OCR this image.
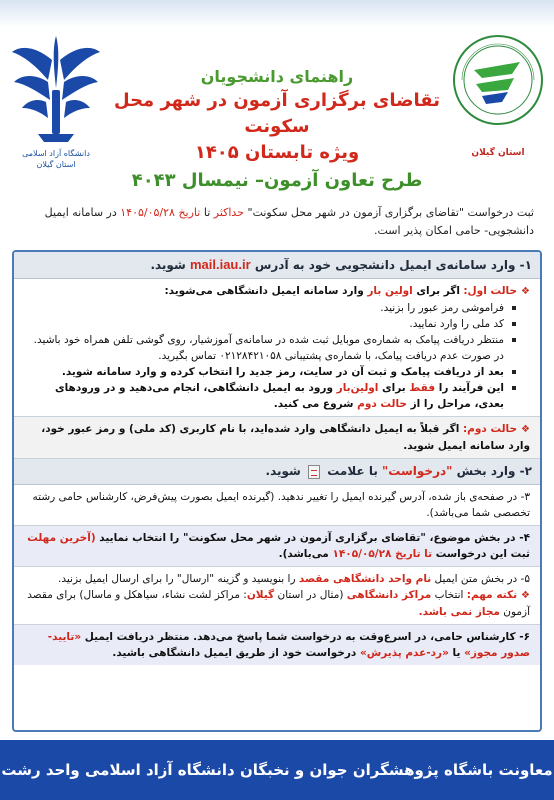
دانشگاه آزاد اسلامی
استان گیلان
استان گیلان
راهنمای دانشجویان
تقاضای برگزاری آزمون در شهر محل سکونت
ویژه تابستان ۱۴۰۵
طرح تعاون آزمون– نیمسال ۴۰۴۳
ثبت درخواست "تقاضای برگزاری آزمون در شهر محل سکونت" حداکثر تا تاریخ ۱۴۰۵/۰۵/۲۸ در سامانه ایمیل دانشجویی- حامی امکان پذیر است.
۱- وارد سامانه‌ی ایمیل دانشجویی خود به آدرس mail.iau.ir شوید.
❖حالت اول: اگر برای اولین بار وارد سامانه ایمیل دانشگاهی می‌شوید:
فراموشی رمز عبور را بزنید.
کد ملی را وارد نمایید.
منتظر دریافت پیامک به شماره‌ی موبایل ثبت شده در سامانه‌ی آموزشیار، روی گوشی تلفن همراه خود باشید. در صورت عدم دریافت پیامک، با شماره‌ی پشتیبانی ۰۲۱۲۸۴۲۱۰۵۸ تماس بگیرید.
بعد از دریافت پیامک و ثبت آن در سایت، رمز جدید را انتخاب کرده و وارد سامانه شوید.
این فرآیند را فقط برای اولین‌بار ورود به ایمیل دانشگاهی، انجام می‌دهید و در ورودهای بعدی، مراحل را از حالت دوم شروع می کنید.
❖حالت دوم: اگر قبلاً به ایمیل دانشگاهی وارد شده‌اید، با نام کاربری (کد ملی) و رمز عبور خود، وارد سامانه ایمیل شوید.
۲- وارد بخش "درخواست" با علامت  شوید.
۳- در صفحه‌ی باز شده، آدرس گیرنده ایمیل را تغییر ندهید. (گیرنده ایمیل بصورت پیش‌فرض، کارشناس حامی رشته تخصصی شما می‌باشد).
۴- در بخش موضوع، "تقاضای برگزاری آزمون در شهر محل سکونت" را انتخاب نمایید (آخرین مهلت ثبت این درخواست تا تاریخ ۱۴۰۵/۰۵/۲۸ می‌باشد).
۵- در بخش متن ایمیل نام واحد دانشگاهی مقصد را بنویسید و گزینه "ارسال" را برای ارسال ایمیل بزنید.
❖نکته مهم: انتخاب مراکز دانشگاهی (مثال در استان گیلان: مراکز لشت نشاء، سیاهکل و ماسال) برای مقصد آزمون مجاز نمی باشد.
۶- کارشناس حامی، در اسرع‌وقت به درخواست شما پاسخ می‌دهد. منتظر دریافت ایمیل «تایید-صدور مجوز» یا «رد-عدم پذیرش» درخواست خود از طریق ایمیل دانشگاهی باشید.
معاونت باشگاه پژوهشگران جوان و نخبگان دانشگاه آزاد اسلامی واحد رشت
